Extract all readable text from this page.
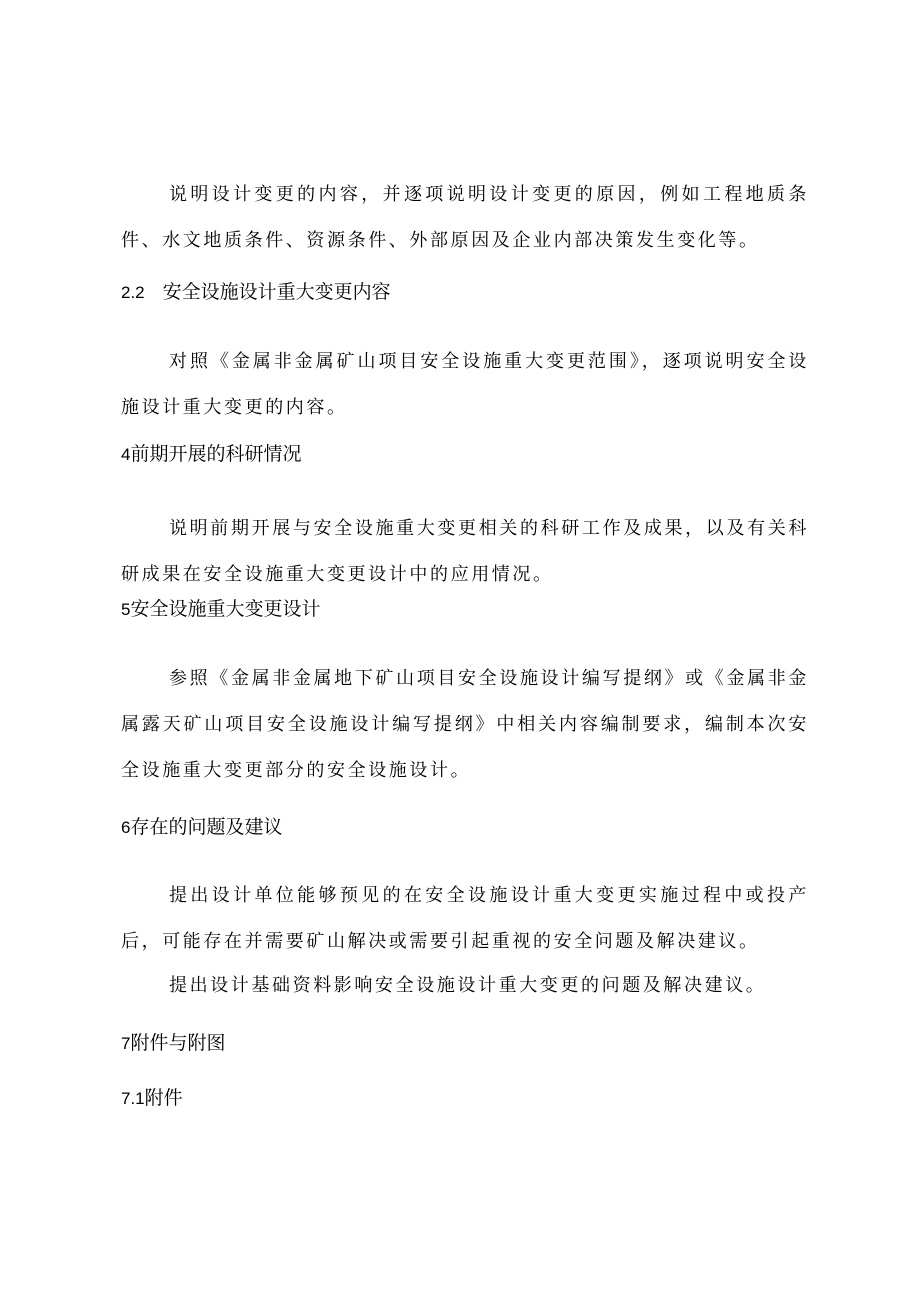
说明设计变更的内容，并逐项说明设计变更的原因，例如工程地质条件、水文地质条件、资源条件、外部原因及企业内部决策发生变化等。

2.2 安全设施设计重大变更内容

对照《金属非金属矿山项目安全设施重大变更范围》，逐项说明安全设施设计重大变更的内容。

4前期开展的科研情况

说明前期开展与安全设施重大变更相关的科研工作及成果，以及有关科研成果在安全设施重大变更设计中的应用情况。

5安全设施重大变更设计

参照《金属非金属地下矿山项目安全设施设计编写提纲》或《金属非金属露天矿山项目安全设施设计编写提纲》中相关内容编制要求，编制本次安全设施重大变更部分的安全设施设计。

6存在的问题及建议

提出设计单位能够预见的在安全设施设计重大变更实施过程中或投产后，可能存在并需要矿山解决或需要引起重视的安全问题及解决建议。

提出设计基础资料影响安全设施设计重大变更的问题及解决建议。

7附件与附图
7.1附件
